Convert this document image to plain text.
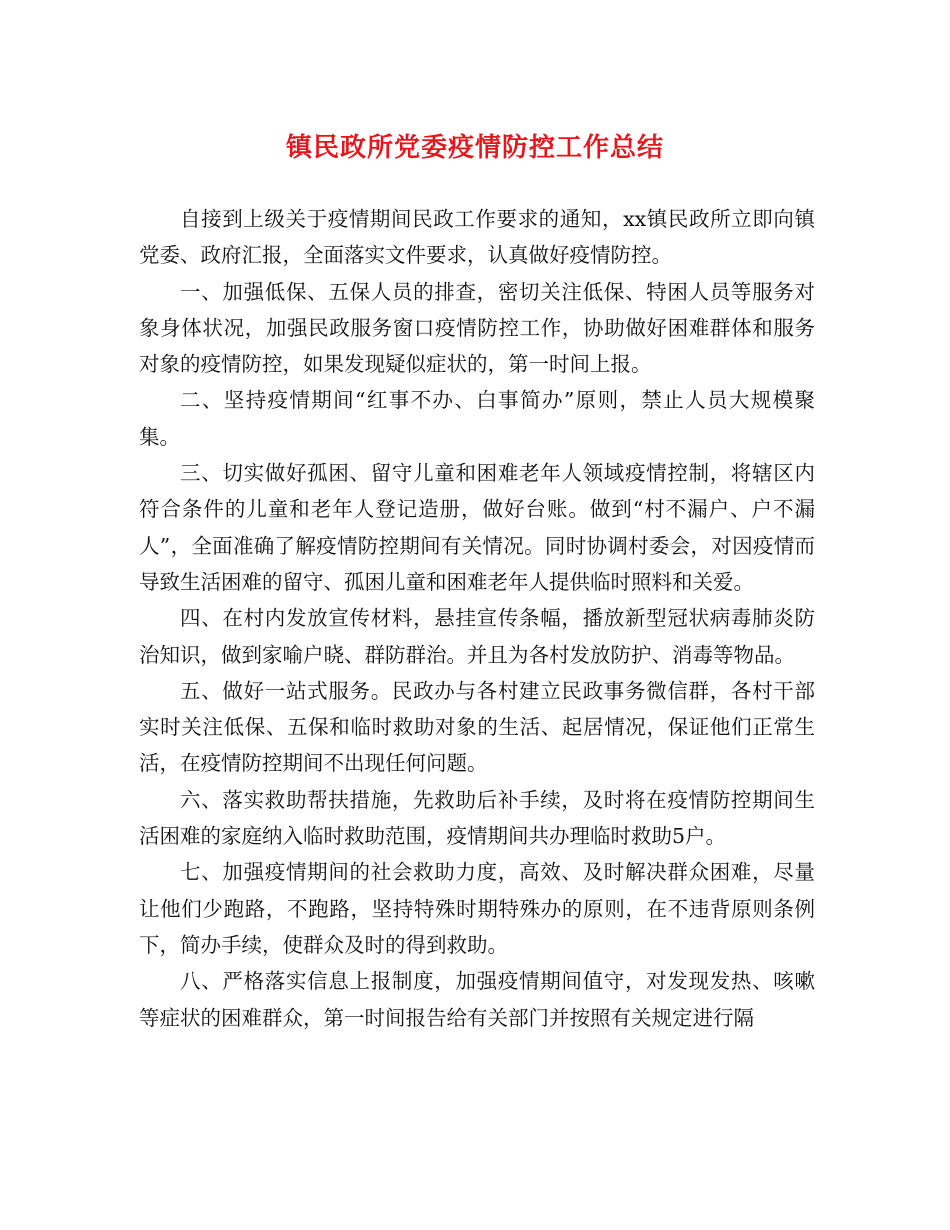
镇民政所党委疫情防控工作总结

自接到上级关于疫情期间民政工作要求的通知，xx镇民政所立即向镇党委、政府汇报，全面落实文件要求，认真做好疫情防控。

一、加强低保、五保人员的排查，密切关注低保、特困人员等服务对象身体状况，加强民政服务窗口疫情防控工作，协助做好困难群体和服务对象的疫情防控，如果发现疑似症状的，第一时间上报。

二、坚持疫情期间“红事不办、白事简办”原则，禁止人员大规模聚集。

三、切实做好孤困、留守儿童和困难老年人领域疫情控制，将辖区内符合条件的儿童和老年人登记造册，做好台账。做到“村不漏户、户不漏人”，全面准确了解疫情防控期间有关情况。同时协调村委会，对因疫情而导致生活困难的留守、孤困儿童和困难老年人提供临时照料和关爱。

四、在村内发放宣传材料，悬挂宣传条幅，播放新型冠状病毒肺炎防治知识，做到家喻户晓、群防群治。并且为各村发放防护、消毒等物品。

五、做好一站式服务。民政办与各村建立民政事务微信群，各村干部实时关注低保、五保和临时救助对象的生活、起居情况，保证他们正常生活，在疫情防控期间不出现任何问题。

六、落实救助帮扶措施，先救助后补手续，及时将在疫情防控期间生活困难的家庭纳入临时救助范围，疫情期间共办理临时救助5户。

七、加强疫情期间的社会救助力度，高效、及时解决群众困难，尽量让他们少跑路，不跑路，坚持特殊时期特殊办的原则，在不违背原则条例下，简办手续，使群众及时的得到救助。

八、严格落实信息上报制度，加强疫情期间值守，对发现发热、咳嗽等症状的困难群众，第一时间报告给有关部门并按照有关规定进行隔
